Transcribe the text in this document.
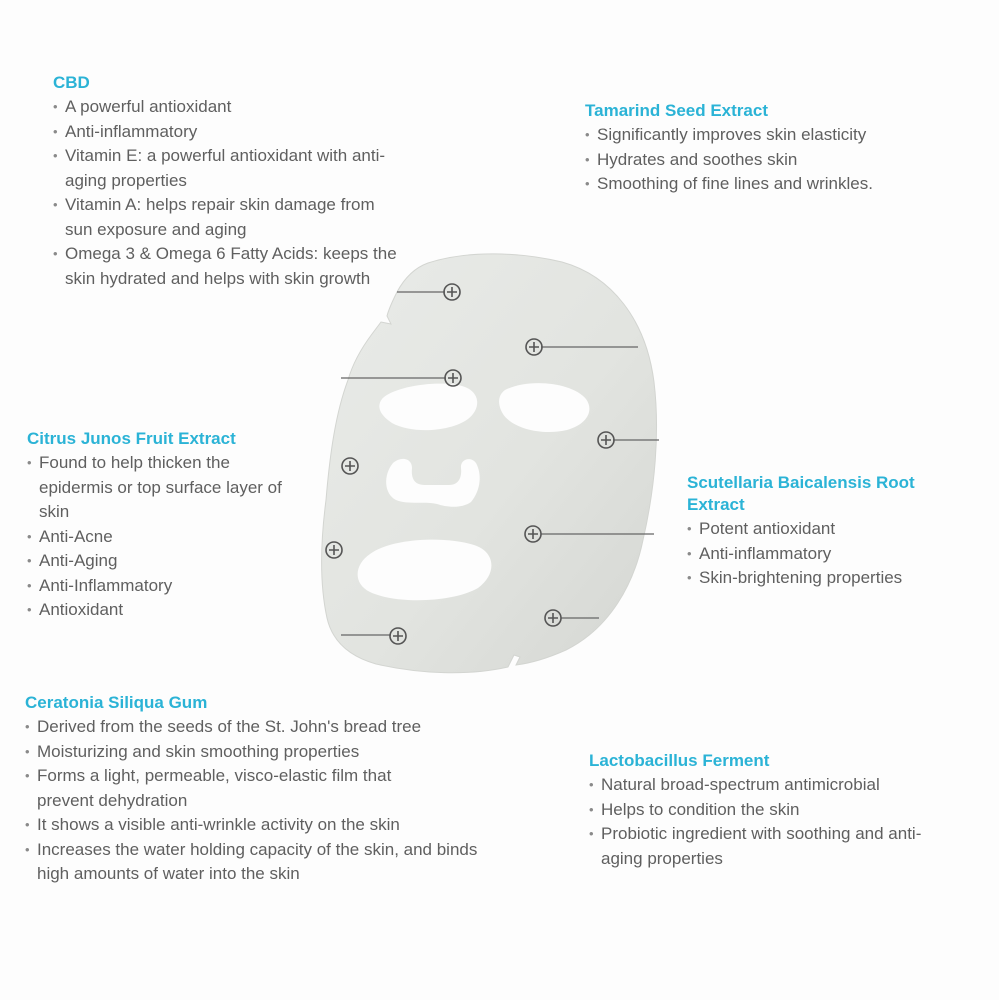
CBD
• A powerful antioxidant
• Anti-inflammatory
• Vitamin E: a powerful antioxidant with anti-aging properties
• Vitamin A: helps repair skin damage from sun exposure and aging
• Omega 3 & Omega 6 Fatty Acids: keeps the skin hydrated and helps with skin growth
Tamarind Seed Extract
• Significantly improves skin elasticity
• Hydrates and soothes skin
• Smoothing of fine lines and wrinkles.
Citrus Junos Fruit Extract
• Found to help thicken the epidermis or top surface layer of skin
• Anti-Acne
• Anti-Aging
• Anti-Inflammatory
• Antioxidant
Scutellaria Baicalensis Root Extract
• Potent antioxidant
• Anti-inflammatory
• Skin-brightening properties
Ceratonia Siliqua Gum
• Derived from the seeds of the St. John's bread tree
• Moisturizing and skin smoothing properties
• Forms a light, permeable, visco-elastic film that prevent dehydration
• It shows a visible anti-wrinkle activity on the skin
• Increases the water holding capacity of the skin, and binds high amounts of water into the skin
Lactobacillus Ferment
• Natural broad-spectrum antimicrobial
• Helps to condition the skin
• Probiotic ingredient with soothing and anti-aging properties
